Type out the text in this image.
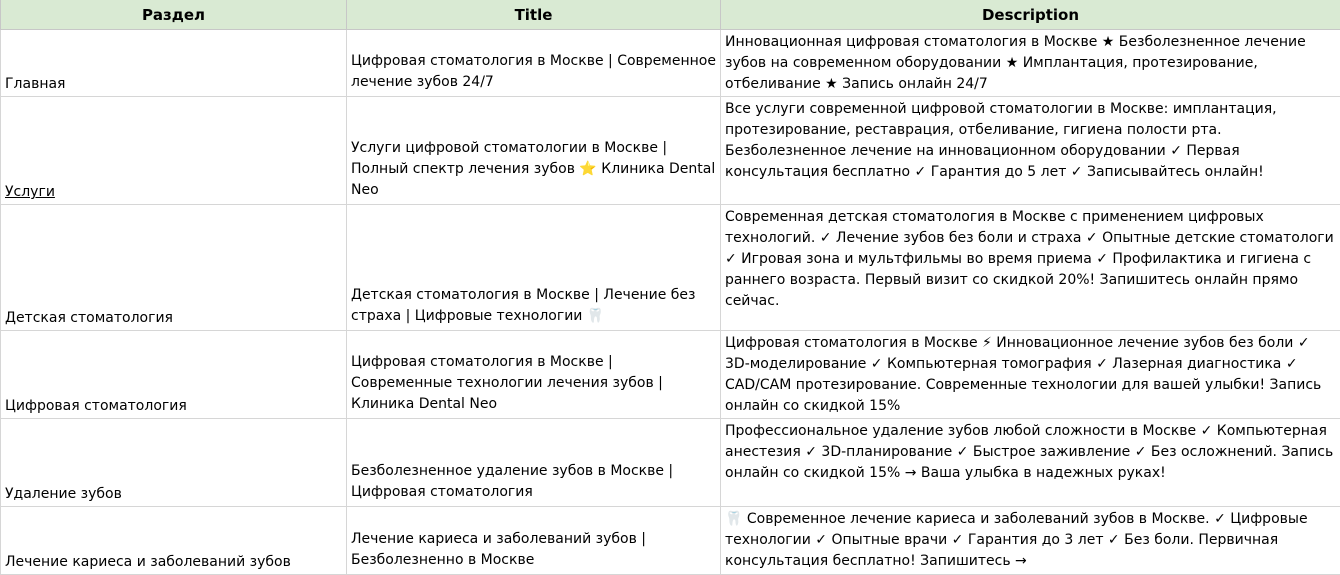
Раздел	Title	Description

Главная	Цифровая стоматология в Москве | Современное лечение зубов 24/7	Инновационная цифровая стоматология в Москве ★ Безболезненное лечение зубов на современном оборудовании ★ Имплантация, протезирование, отбеливание ★ Запись онлайн 24/7

Услуги	Услуги цифровой стоматологии в Москве | Полный спектр лечения зубов ⭐ Клиника Dental Neo	Все услуги современной цифровой стоматологии в Москве: имплантация, протезирование, реставрация, отбеливание, гигиена полости рта. Безболезненное лечение на инновационном оборудовании ✓ Первая консультация бесплатно ✓ Гарантия до 5 лет ✓ Записывайтесь онлайн!

Детская стоматология	Детская стоматология в Москве | Лечение без страха | Цифровые технологии 🦷	Современная детская стоматология в Москве с применением цифровых технологий. ✓ Лечение зубов без боли и страха ✓ Опытные детские стоматологи ✓ Игровая зона и мультфильмы во время приема ✓ Профилактика и гигиена с раннего возраста. Первый визит со скидкой 20%! Запишитесь онлайн прямо сейчас.

Цифровая стоматология	Цифровая стоматология в Москве | Современные технологии лечения зубов | Клиника Dental Neo	Цифровая стоматология в Москве ⚡ Инновационное лечение зубов без боли ✓ 3D-моделирование ✓ Компьютерная томография ✓ Лазерная диагностика ✓ CAD/CAM протезирование. Современные технологии для вашей улыбки! Запись онлайн со скидкой 15%

Удаление зубов	Безболезненное удаление зубов в Москве | Цифровая стоматология	Профессиональное удаление зубов любой сложности в Москве ✓ Компьютерная анестезия ✓ 3D-планирование ✓ Быстрое заживление ✓ Без осложнений. Запись онлайн со скидкой 15% → Ваша улыбка в надежных руках!

Лечение кариеса и заболеваний зубов	Лечение кариеса и заболеваний зубов | Безболезненно в Москве	🦷 Современное лечение кариеса и заболеваний зубов в Москве. ✓ Цифровые технологии ✓ Опытные врачи ✓ Гарантия до 3 лет ✓ Без боли. Первичная консультация бесплатно! Запишитесь →
